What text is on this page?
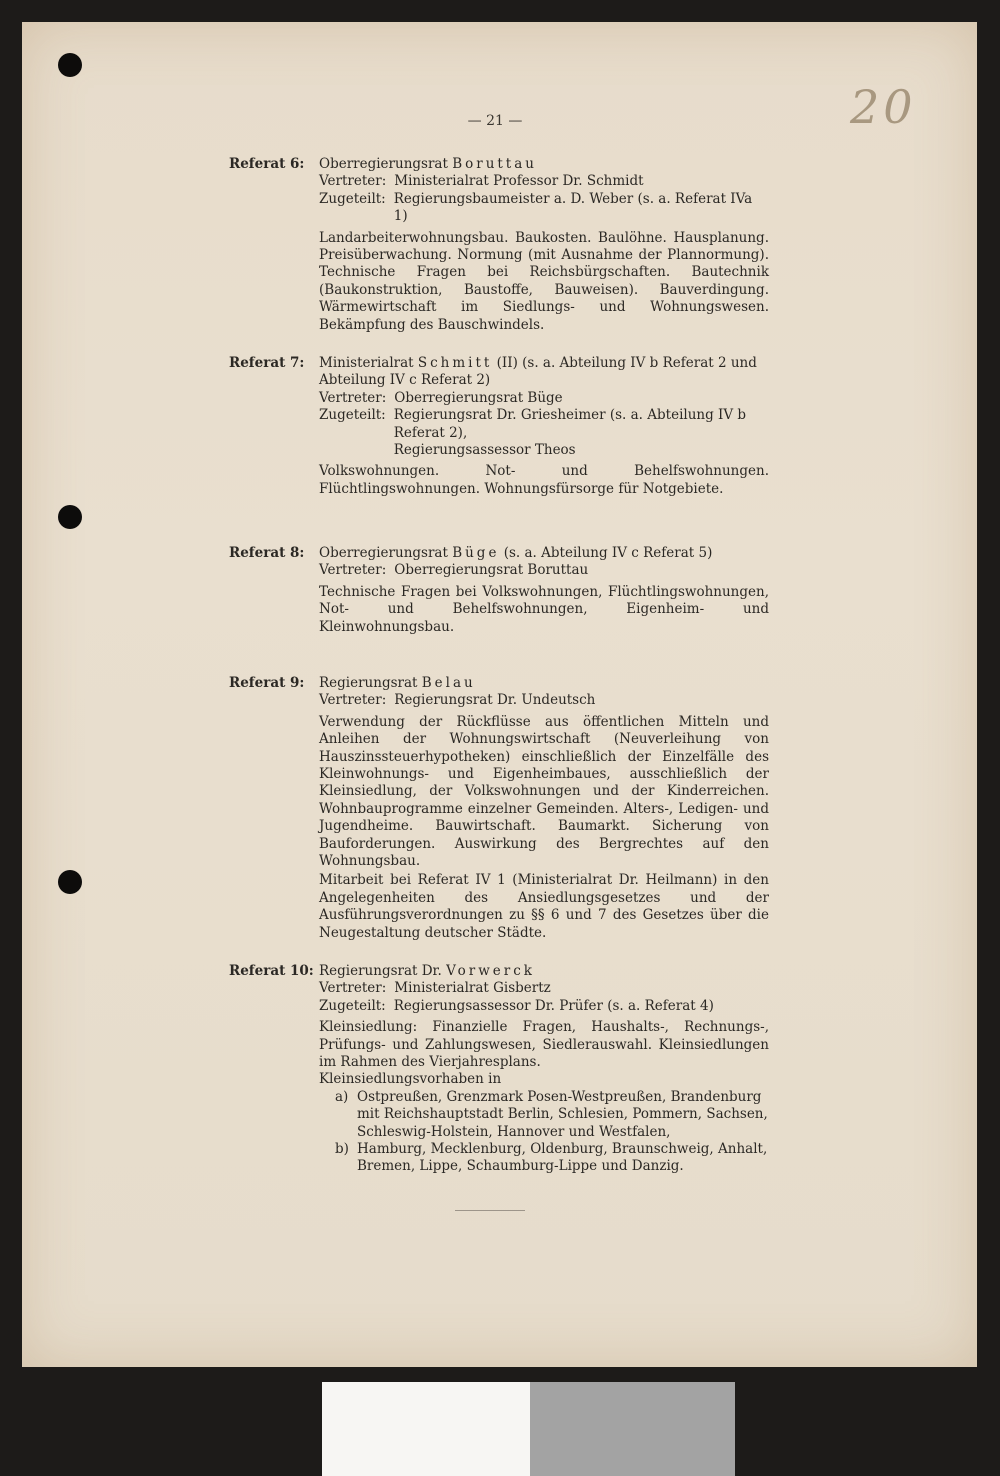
— 21 —	20
Referat 6: Oberregierungsrat Boruttau
Vertreter: Ministerialrat Professor Dr. Schmidt
Zugeteilt: Regierungsbaumeister a. D. Weber (s. a. Referat IVa 1)
Landarbeiterwohnungsbau. Baukosten. Baulöhne. Hausplanung. Preisüberwachung. Normung (mit Ausnahme der Plannormung). Technische Fragen bei Reichsbürgschaften. Bautechnik (Baukonstruktion, Baustoffe, Bauweisen). Bauverdingung. Wärmewirtschaft im Siedlungs- und Wohnungswesen. Bekämpfung des Bauschwindels.
Referat 7: Ministerialrat Schmitt (II) (s. a. Abteilung IV b Referat 2 und Abteilung IV c Referat 2)
Vertreter: Oberregierungsrat Büge
Zugeteilt: Regierungsrat Dr. Griesheimer (s. a. Abteilung IV b Referat 2),
Regierungsassessor Theos
Volkswohnungen. Not- und Behelfswohnungen. Flüchtlingswohnungen. Wohnungsfürsorge für Notgebiete.
Referat 8: Oberregierungsrat Büge (s. a. Abteilung IV c Referat 5)
Vertreter: Oberregierungsrat Boruttau
Technische Fragen bei Volkswohnungen, Flüchtlingswohnungen, Not- und Behelfswohnungen, Eigenheim- und Kleinwohnungsbau.
Referat 9: Regierungsrat Belau
Vertreter: Regierungsrat Dr. Undeutsch
Verwendung der Rückflüsse aus öffentlichen Mitteln und Anleihen der Wohnungswirtschaft (Neuverleihung von Hauszinssteuerhypotheken) einschließlich der Einzelfälle des Kleinwohnungs- und Eigenheimbaues, ausschließlich der Kleinsiedlung, der Volkswohnungen und der Kinderreichen. Wohnbauprogramme einzelner Gemeinden. Alters-, Ledigen- und Jugendheime. Bauwirtschaft. Baumarkt. Sicherung von Bauforderungen. Auswirkung des Bergrechtes auf den Wohnungsbau.
Mitarbeit bei Referat IV 1 (Ministerialrat Dr. Heilmann) in den Angelegenheiten des Ansiedlungsgesetzes und der Ausführungsverordnungen zu §§ 6 und 7 des Gesetzes über die Neugestaltung deutscher Städte.
Referat 10: Regierungsrat Dr. Vorwerck
Vertreter: Ministerialrat Gisbertz
Zugeteilt: Regierungsassessor Dr. Prüfer (s. a. Referat 4)
Kleinsiedlung: Finanzielle Fragen, Haushalts-, Rechnungs-, Prüfungs- und Zahlungswesen, Siedlerauswahl. Kleinsiedlungen im Rahmen des Vierjahresplans.
Kleinsiedlungsvorhaben in
a) Ostpreußen, Grenzmark Posen-Westpreußen, Brandenburg mit Reichshauptstadt Berlin, Schlesien, Pommern, Sachsen, Schleswig-Holstein, Hannover und Westfalen,
b) Hamburg, Mecklenburg, Oldenburg, Braunschweig, Anhalt, Bremen, Lippe, Schaumburg-Lippe und Danzig.
